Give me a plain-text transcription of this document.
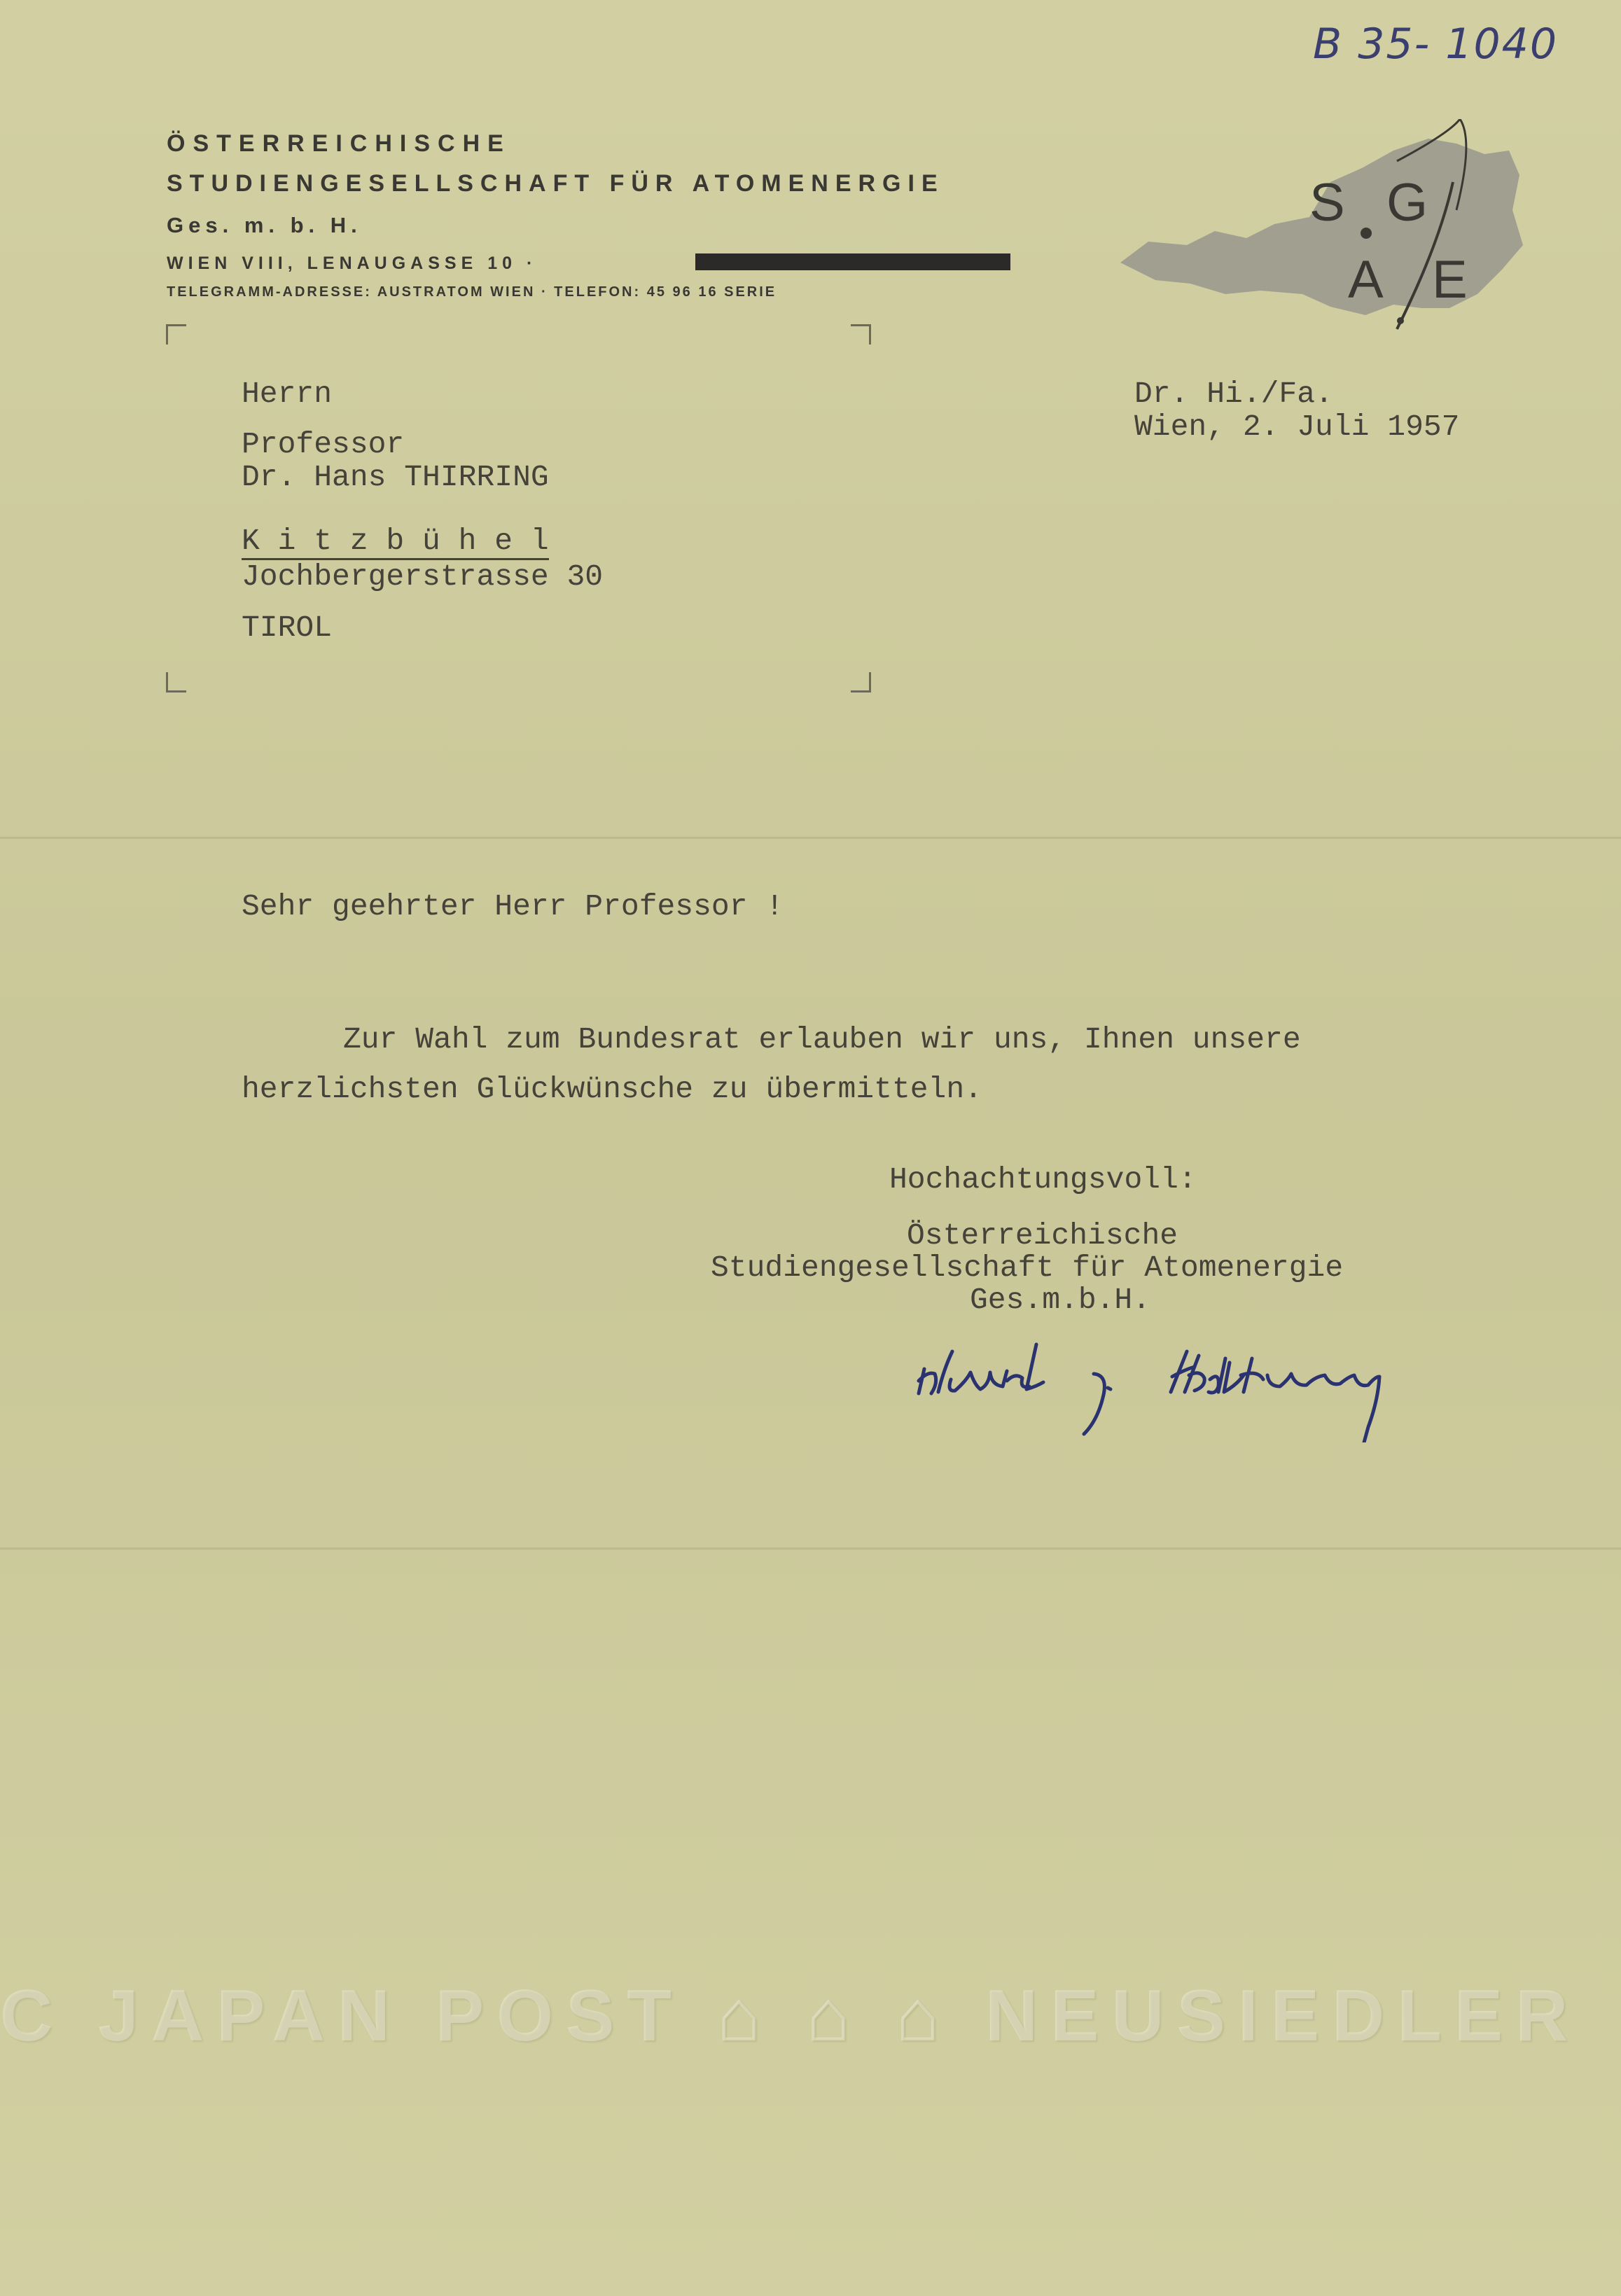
B 35- 1040
ÖSTERREICHISCHE
STUDIENGESELLSCHAFT FÜR ATOMENERGIE
Ges. m. b. H.
WIEN VIII, LENAUGASSE 10 ·
TELEGRAMM-ADRESSE: AUSTRATOM WIEN · TELEFON: 45 96 16 SERIE
S G
A E
Herrn
Professor
Dr. Hans THIRRING
K i t z b ü h e l
Jochbergerstrasse 30
TIROL
Dr. Hi./Fa.
Wien, 2. Juli 1957
Sehr geehrter Herr Professor !
Zur Wahl zum Bundesrat erlauben wir uns, Ihnen unsere
herzlichsten Glückwünsche zu übermitteln.
Hochachtungsvoll:
Österreichische
Studiengesellschaft für Atomenergie
Ges.m.b.H.
C JAPAN POST ⌂ ⌂ ⌂ NEUSIEDLER
